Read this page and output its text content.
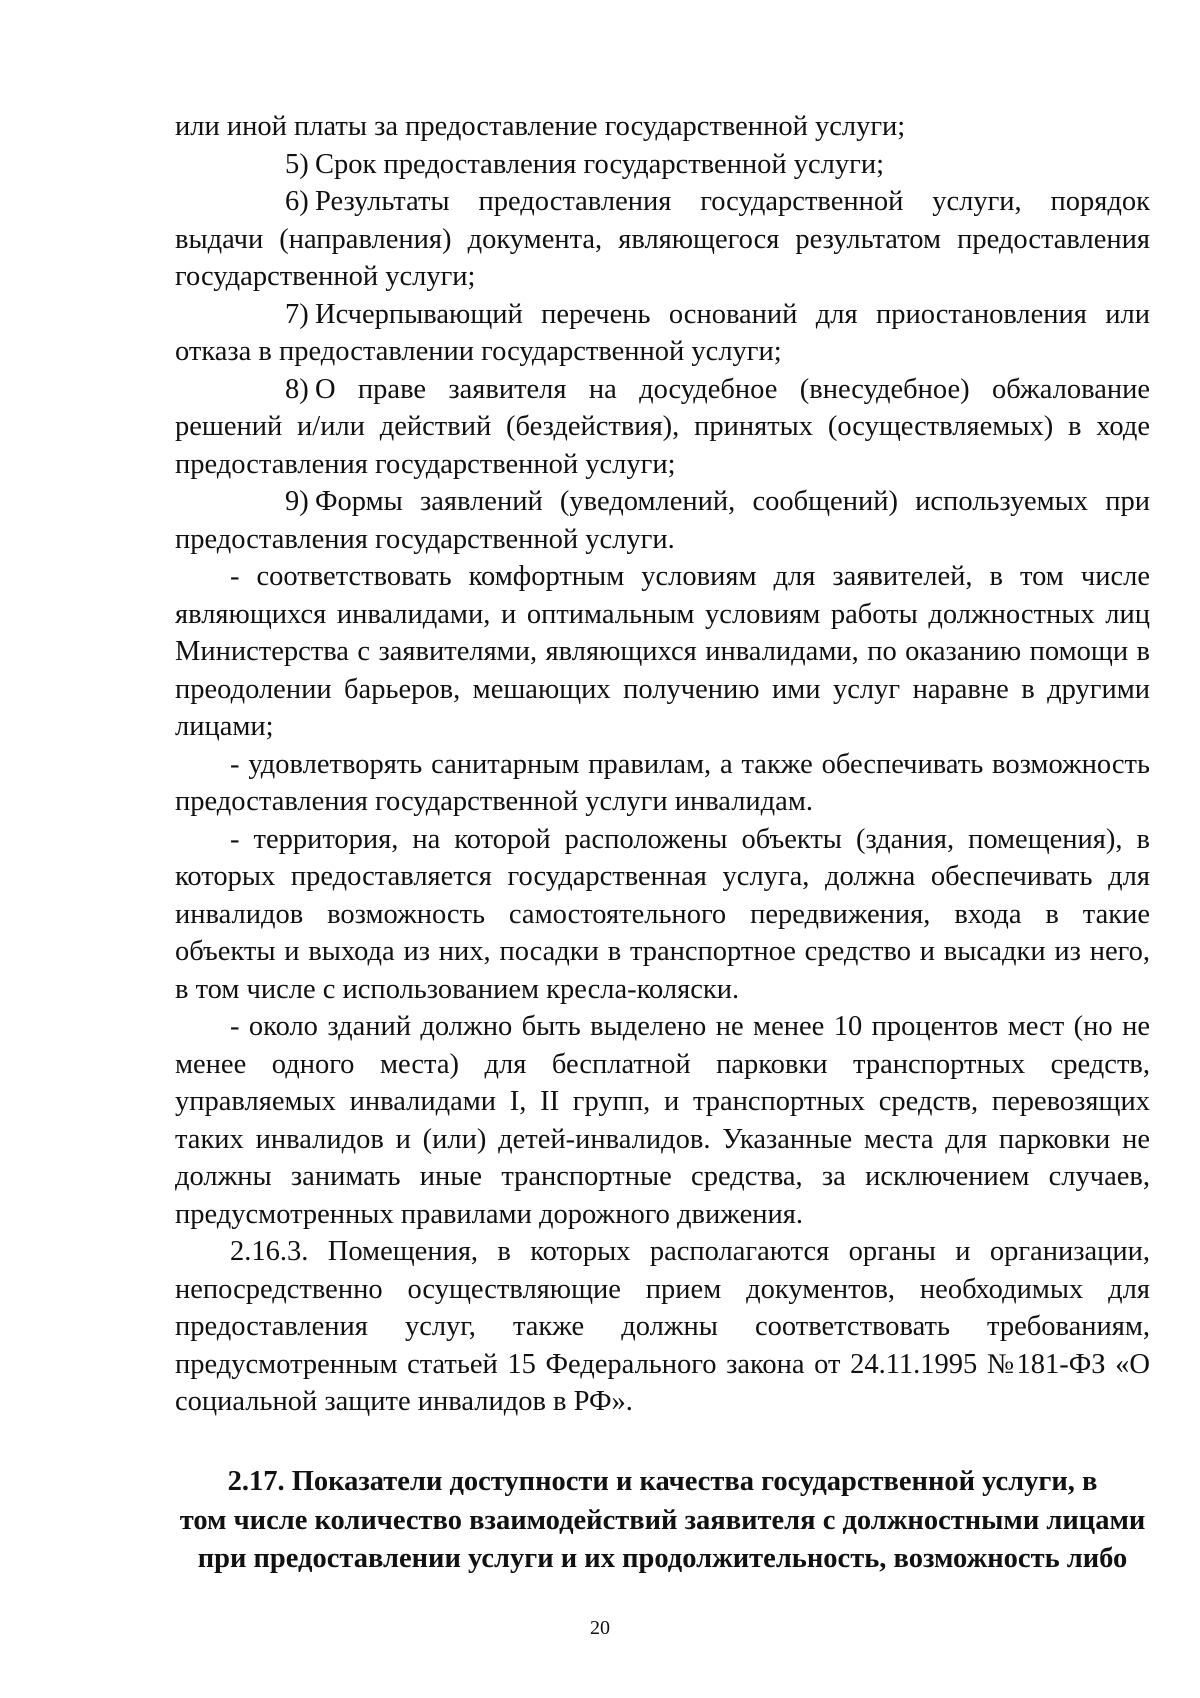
или иной платы за предоставление государственной услуги;

5) Срок предоставления государственной услуги;

6) Результаты предоставления государственной услуги, порядок выдачи (направления) документа, являющегося результатом предоставления государственной услуги;

7) Исчерпывающий перечень оснований для приостановления или отказа в предоставлении государственной услуги;

8) О праве заявителя на досудебное (внесудебное) обжалование решений и/или действий (бездействия), принятых (осуществляемых) в ходе предоставления государственной услуги;

9) Формы заявлений (уведомлений, сообщений) используемых при предоставления государственной услуги.

- соответствовать комфортным условиям для заявителей, в том числе являющихся инвалидами, и оптимальным условиям работы должностных лиц Министерства с заявителями, являющихся инвалидами, по оказанию помощи в преодолении барьеров, мешающих получению ими услуг наравне в другими лицами;

- удовлетворять санитарным правилам, а также обеспечивать возможность предоставления государственной услуги инвалидам.

- территория, на которой расположены объекты (здания, помещения), в которых предоставляется государственная услуга, должна обеспечивать для инвалидов возможность самостоятельного передвижения, входа в такие объекты и выхода из них, посадки в транспортное средство и высадки из него, в том числе с использованием кресла-коляски.

- около зданий должно быть выделено не менее 10 процентов мест (но не менее одного места) для бесплатной парковки транспортных средств, управляемых инвалидами I, II групп, и транспортных средств, перевозящих таких инвалидов и (или) детей-инвалидов. Указанные места для парковки не должны занимать иные транспортные средства, за исключением случаев, предусмотренных правилами дорожного движения.

2.16.3. Помещения, в которых располагаются органы и организации, непосредственно осуществляющие прием документов, необходимых для предоставления услуг, также должны соответствовать требованиям, предусмотренным статьей 15 Федерального закона от 24.11.1995 №181-ФЗ «О социальной защите инвалидов в РФ».

2.17. Показатели доступности и качества государственной услуги, в
том числе количество взаимодействий заявителя с должностными лицами
при предоставлении услуги и их продолжительность, возможность либо
20
